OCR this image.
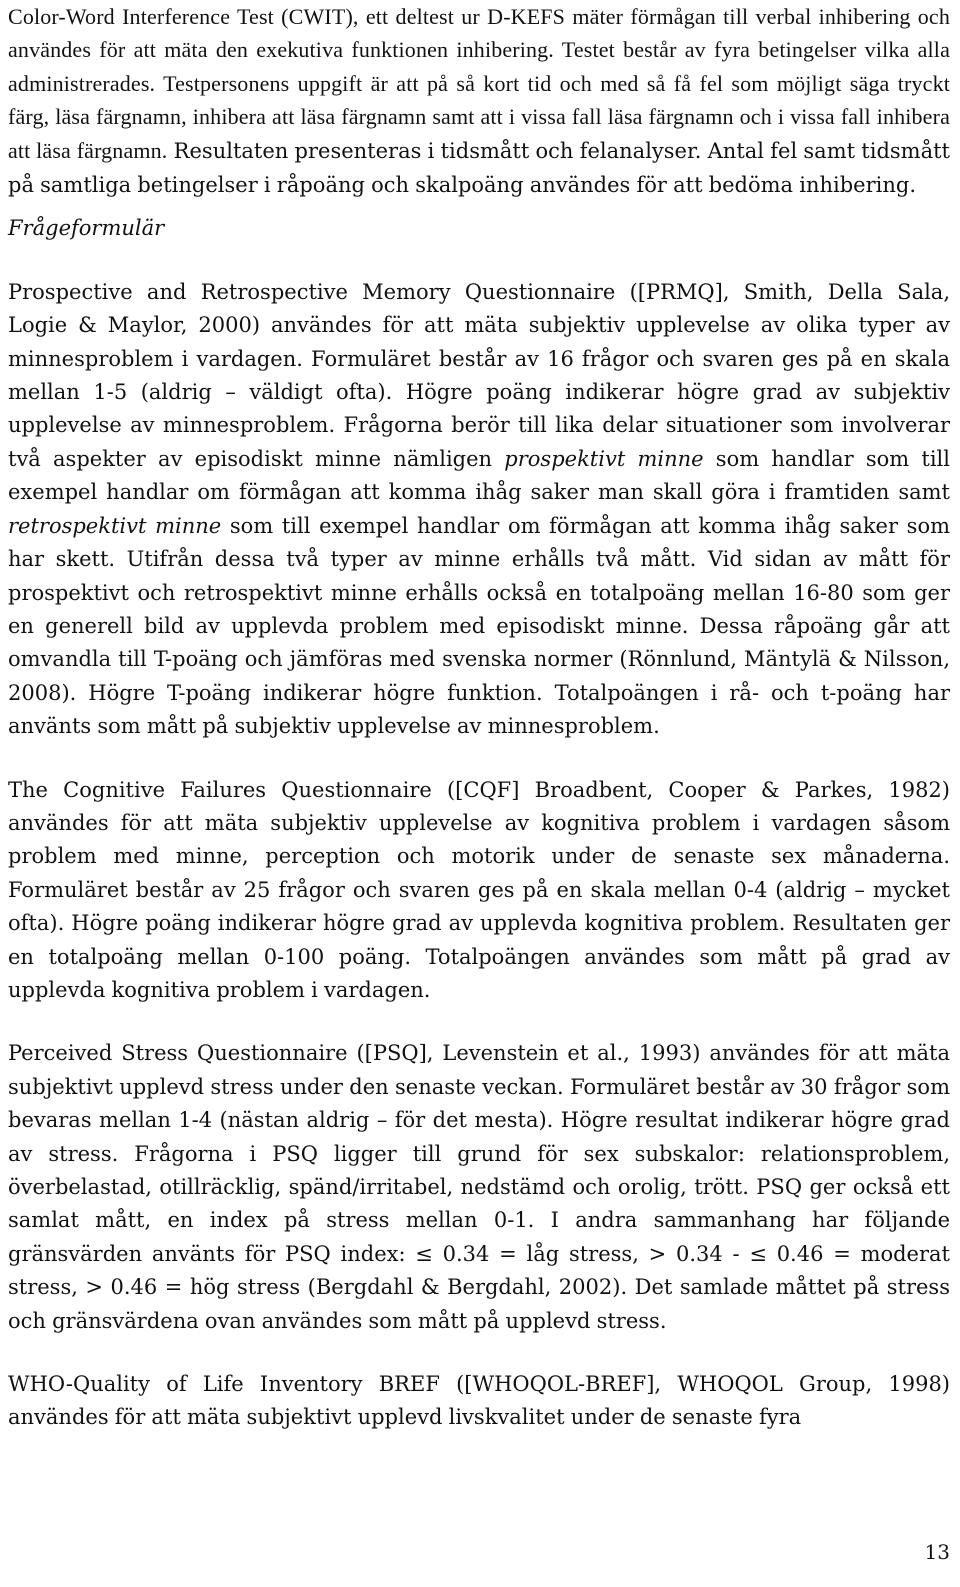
Color-Word Interference Test (CWIT), ett deltest ur D-KEFS mäter förmågan till verbal inhibering och användes för att mäta den exekutiva funktionen inhibering. Testet består av fyra betingelser vilka alla administrerades. Testpersonens uppgift är att på så kort tid och med så få fel som möjligt säga tryckt färg, läsa färgnamn, inhibera att läsa färgnamn samt att i vissa fall läsa färgnamn och i vissa fall inhibera att läsa färgnamn. Resultaten presenteras i tidsmått och felanalyser. Antal fel samt tidsmått på samtliga betingelser i råpoäng och skalpoäng användes för att bedöma inhibering.

Frågeformulär

Prospective and Retrospective Memory Questionnaire ([PRMQ], Smith, Della Sala, Logie & Maylor, 2000) användes för att mäta subjektiv upplevelse av olika typer av minnesproblem i vardagen. Formuläret består av 16 frågor och svaren ges på en skala mellan 1-5 (aldrig – väldigt ofta). Högre poäng indikerar högre grad av subjektiv upplevelse av minnesproblem. Frågorna berör till lika delar situationer som involverar två aspekter av episodiskt minne nämligen prospektivt minne som handlar som till exempel handlar om förmågan att komma ihåg saker man skall göra i framtiden samt retrospektivt minne som till exempel handlar om förmågan att komma ihåg saker som har skett. Utifrån dessa två typer av minne erhålls två mått. Vid sidan av mått för prospektivt och retrospektivt minne erhålls också en totalpoäng mellan 16-80 som ger en generell bild av upplevda problem med episodiskt minne. Dessa råpoäng går att omvandla till T-poäng och jämföras med svenska normer (Rönnlund, Mäntylä & Nilsson, 2008). Högre T-poäng indikerar högre funktion. Totalpoängen i rå- och t-poäng har använts som mått på subjektiv upplevelse av minnesproblem.

The Cognitive Failures Questionnaire ([CQF] Broadbent, Cooper & Parkes, 1982) användes för att mäta subjektiv upplevelse av kognitiva problem i vardagen såsom problem med minne, perception och motorik under de senaste sex månaderna. Formuläret består av 25 frågor och svaren ges på en skala mellan 0-4 (aldrig – mycket ofta). Högre poäng indikerar högre grad av upplevda kognitiva problem. Resultaten ger en totalpoäng mellan 0-100 poäng. Totalpoängen användes som mått på grad av upplevda kognitiva problem i vardagen.

Perceived Stress Questionnaire ([PSQ], Levenstein et al., 1993) användes för att mäta subjektivt upplevd stress under den senaste veckan. Formuläret består av 30 frågor som bevaras mellan 1-4 (nästan aldrig – för det mesta). Högre resultat indikerar högre grad av stress. Frågorna i PSQ ligger till grund för sex subskalor: relationsproblem, överbelastad, otillräcklig, spänd/irritabel, nedstämd och orolig, trött. PSQ ger också ett samlat mått, en index på stress mellan 0-1. I andra sammanhang har följande gränsvärden använts för PSQ index: ≤ 0.34 = låg stress, > 0.34 - ≤ 0.46 = moderat stress, > 0.46 = hög stress (Bergdahl & Bergdahl, 2002). Det samlade måttet på stress och gränsvärdena ovan användes som mått på upplevd stress.

WHO-Quality of Life Inventory BREF ([WHOQOL-BREF], WHOQOL Group, 1998) användes för att mäta subjektivt upplevd livskvalitet under de senaste fyra

13
